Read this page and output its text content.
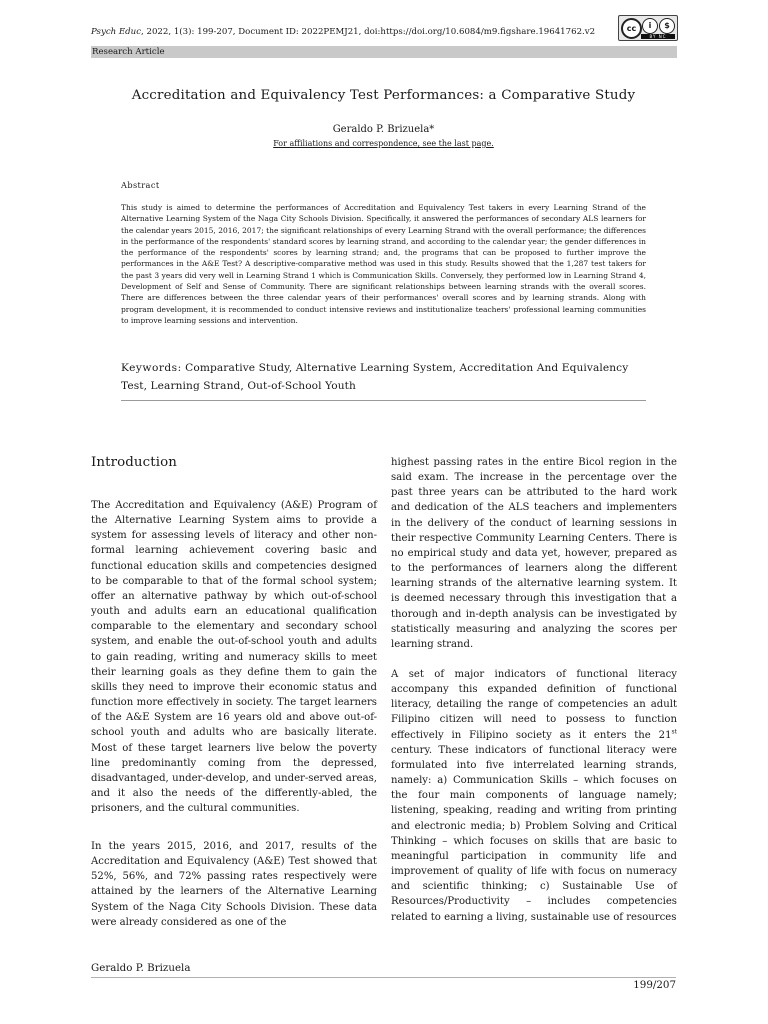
Psych Educ, 2022, 1(3): 199-207, Document ID: 2022PEMJ21, doi:https://doi.org/10.6084/m9.figshare.19641762.v2	cc	i	$
BY NC
Research Article
Accreditation and Equivalency Test Performances: a Comparative Study
Geraldo P. Brizuela*
For affiliations and correspondence, see the last page.
Abstract
This study is aimed to determine the performances of Accreditation and Equivalency Test takers in every Learning Strand of the Alternative Learning System of the Naga City Schools Division. Specifically, it answered the performances of secondary ALS learners for the calendar years 2015, 2016, 2017; the significant relationships of every Learning Strand with the overall performance; the differences in the performance of the respondents' standard scores by learning strand, and according to the calendar year; the gender differences in the performance of the respondents' scores by learning strand; and, the programs that can be proposed to further improve the performances in the A&E Test? A descriptive-comparative method was used in this study. Results showed that the 1,287 test takers for the past 3 years did very well in Learning Strand 1 which is Communication Skills. Conversely, they performed low in Learning Strand 4, Development of Self and Sense of Community. There are significant relationships between learning strands with the overall scores. There are differences between the three calendar years of their performances' overall scores and by learning strands. Along with program development, it is recommended to conduct intensive reviews and institutionalize teachers' professional learning communities to improve learning sessions and intervention.
Keywords: Comparative Study, Alternative Learning System, Accreditation And Equivalency Test, Learning Strand, Out-of-School Youth
Introduction

The Accreditation and Equivalency (A&E) Program of the Alternative Learning System aims to provide a system for assessing levels of literacy and other non-formal learning achievement covering basic and functional education skills and competencies designed to be comparable to that of the formal school system; offer an alternative pathway by which out-of-school youth and adults earn an educational qualification comparable to the elementary and secondary school system, and enable the out-of-school youth and adults to gain reading, writing and numeracy skills to meet their learning goals as they define them to gain the skills they need to improve their economic status and function more effectively in society. The target learners of the A&E System are 16 years old and above out-of-school youth and adults who are basically literate. Most of these target learners live below the poverty line predominantly coming from the depressed, disadvantaged, under-develop, and under-served areas, and it also the needs of the differently-abled, the prisoners, and the cultural communities.

In the years 2015, 2016, and 2017, results of the Accreditation and Equivalency (A&E) Test showed that 52%, 56%, and 72% passing rates respectively were attained by the learners of the Alternative Learning System of the Naga City Schools Division. These data were already considered as one of the

highest passing rates in the entire Bicol region in the said exam. The increase in the percentage over the past three years can be attributed to the hard work and dedication of the ALS teachers and implementers in the delivery of the conduct of learning sessions in their respective Community Learning Centers. There is no empirical study and data yet, however, prepared as to the performances of learners along the different learning strands of the alternative learning system. It is deemed necessary through this investigation that a thorough and in-depth analysis can be investigated by statistically measuring and analyzing the scores per learning strand.

A set of major indicators of functional literacy accompany this expanded definition of functional literacy, detailing the range of competencies an adult Filipino citizen will need to possess to function effectively in Filipino society as it enters the 21st century. These indicators of functional literacy were formulated into five interrelated learning strands, namely: a) Communication Skills – which focuses on the four main components of language namely; listening, speaking, reading and writing from printing and electronic media; b) Problem Solving and Critical Thinking – which focuses on skills that are basic to meaningful participation in community life and improvement of quality of life with focus on numeracy and scientific thinking; c) Sustainable Use of Resources/Productivity – includes competencies related to earning a living, sustainable use of resources

Geraldo P. Brizuela
199/207
